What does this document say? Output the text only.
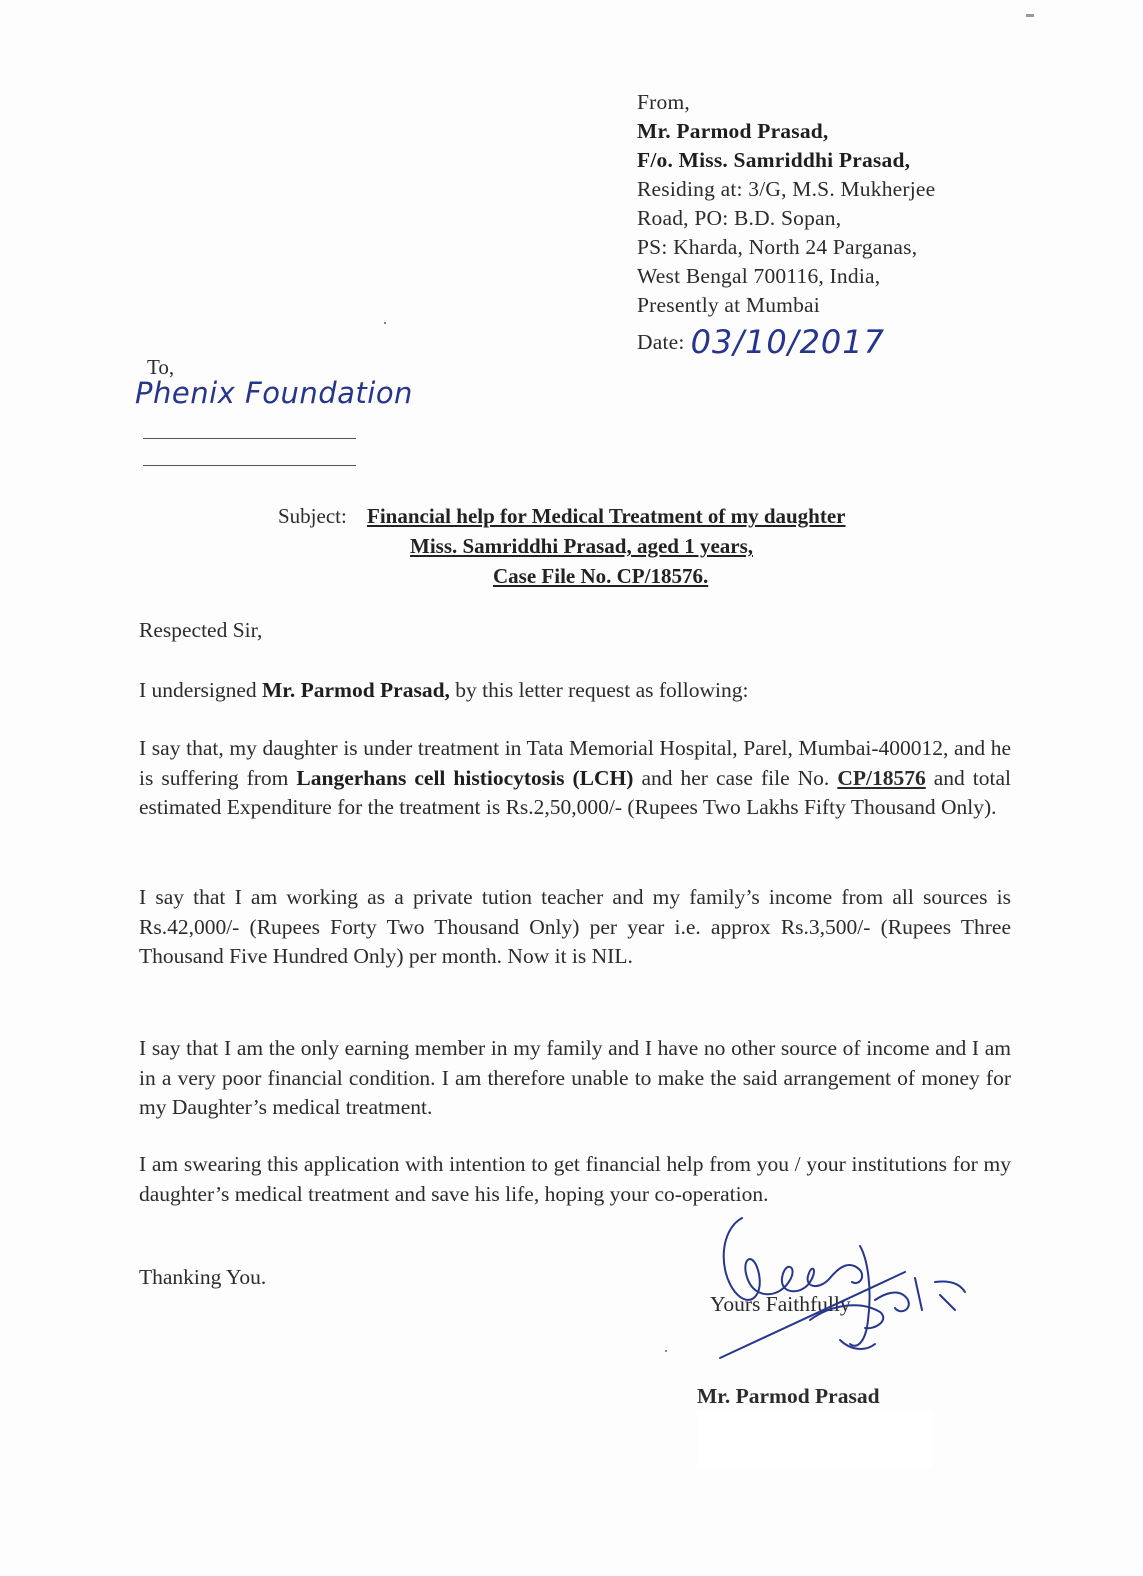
From,
Mr. Parmod Prasad,
F/o. Miss. Samriddhi Prasad,
Residing at: 3/G, M.S. Mukherjee
Road, PO: B.D. Sopan,
PS: Kharda, North 24 Parganas,
West Bengal 700116, India,
Presently at Mumbai
Date: 03/10/2017
To,
Phenix Foundation
Subject: Financial help for Medical Treatment of my daughter
Miss. Samriddhi Prasad, aged 1 years,
Case File No. CP/18576.
Respected Sir,
I undersigned Mr. Parmod Prasad, by this letter request as following:
I say that, my daughter is under treatment in Tata Memorial Hospital, Parel, Mumbai-400012, and he is suffering from Langerhans cell histiocytosis (LCH) and her case file No. CP/18576 and total estimated Expenditure for the treatment is Rs.2,50,000/- (Rupees Two Lakhs Fifty Thousand Only).
I say that I am working as a private tution teacher and my family’s income from all sources is Rs.42,000/- (Rupees Forty Two Thousand Only) per year i.e. approx Rs.3,500/- (Rupees Three Thousand Five Hundred Only) per month. Now it is NIL.
I say that I am the only earning member in my family and I have no other source of income and I am in a very poor financial condition. I am therefore unable to make the said arrangement of money for my Daughter’s medical treatment.
I am swearing this application with intention to get financial help from you / your institutions for my daughter’s medical treatment and save his life, hoping your co-operation.
Thanking You.
Yours Faithfully
Mr. Parmod Prasad
